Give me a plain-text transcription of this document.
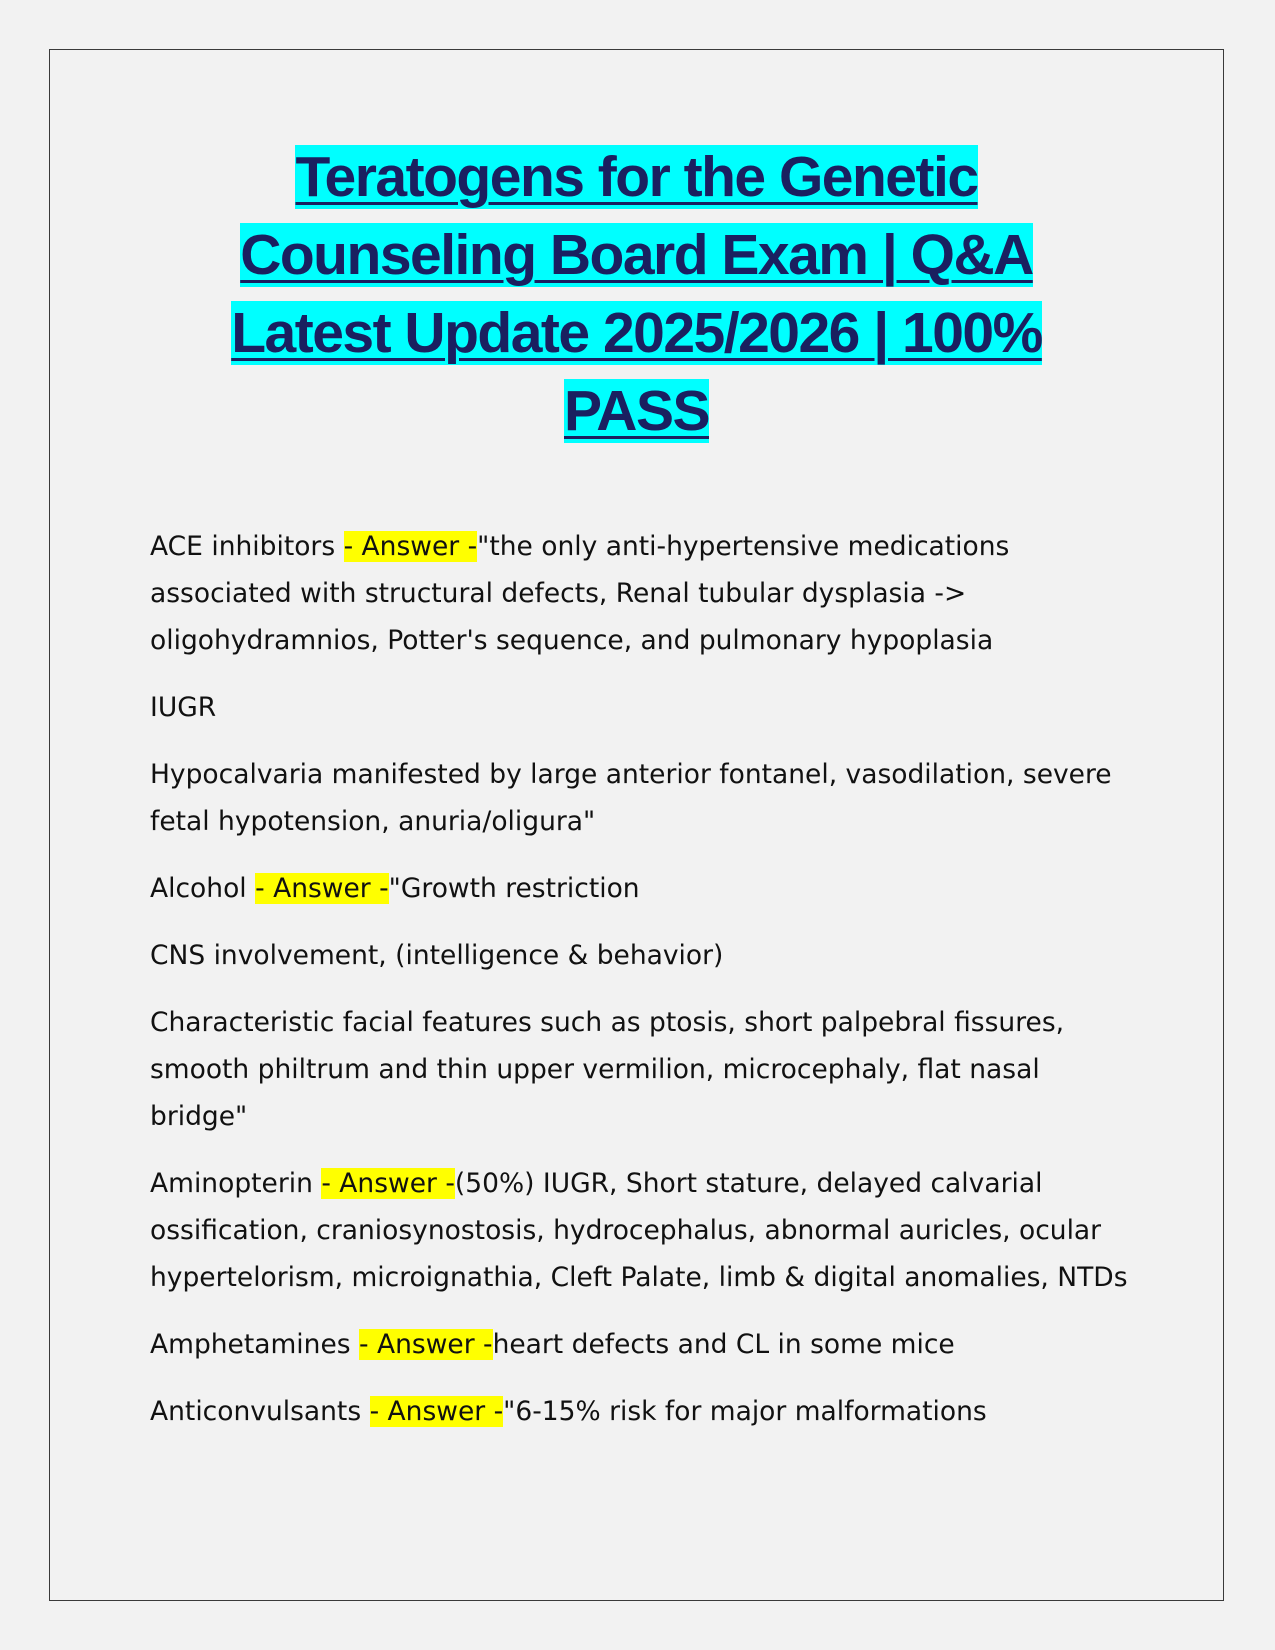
Teratogens for the Genetic

Counseling Board Exam | Q&A

Latest Update 2025/2026 | 100%

PASS

ACE inhibitors - Answer -"the only anti-hypertensive medications associated with structural defects, Renal tubular dysplasia -> oligohydramnios, Potter's sequence, and pulmonary hypoplasia

IUGR

Hypocalvaria manifested by large anterior fontanel, vasodilation, severe fetal hypotension, anuria/oligura"

Alcohol - Answer -"Growth restriction

CNS involvement, (intelligence & behavior)

Characteristic facial features such as ptosis, short palpebral fissures, smooth philtrum and thin upper vermilion, microcephaly, flat nasal bridge"

Aminopterin - Answer -(50%) IUGR, Short stature, delayed calvarial ossification, craniosynostosis, hydrocephalus, abnormal auricles, ocular hypertelorism, microignathia, Cleft Palate, limb & digital anomalies, NTDs

Amphetamines - Answer -heart defects and CL in some mice

Anticonvulsants - Answer -"6-15% risk for major malformations
